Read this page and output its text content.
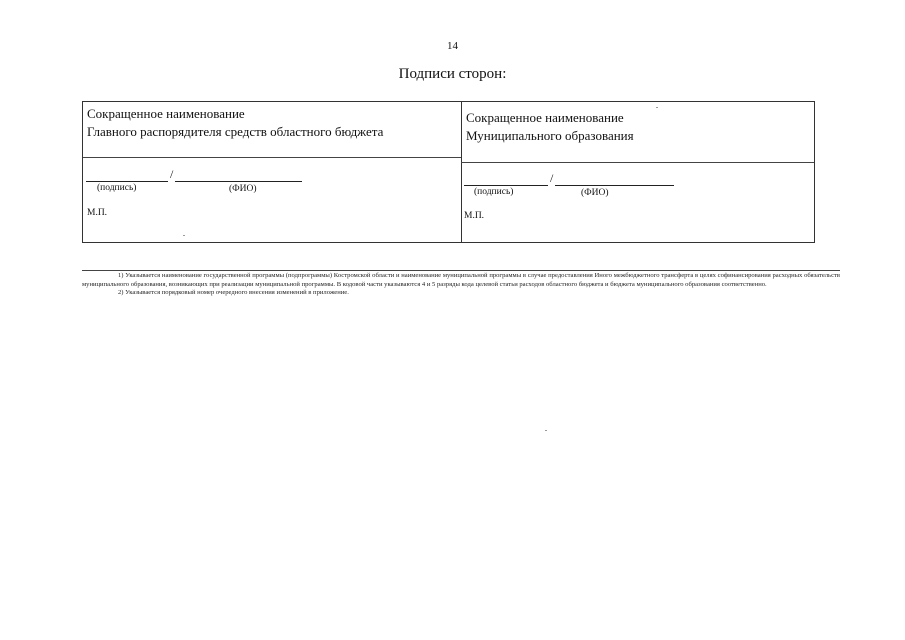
14
Подписи сторон:
Сокращенное наименование
Главного распорядителя средств областного бюджета
/
(подпись)	(ФИО)
М.П.
Сокращенное наименование
Муниципального образования
/
(подпись)	(ФИО)
М.П.

1) Указывается наименование государственной программы (подпрограммы) Костромской области и наименование муниципальной программы в случае предоставления Иного межбюджетного трансферта в целях софинансирования расходных обязательств муниципального образования, возникающих при реализации муниципальной программы. В кодовой части указываются 4 и 5 разряды кода целевой статьи расходов областного бюджета и бюджета муниципального образования соответственно.

2) Указывается порядковый номер очередного внесения изменений в приложение.
